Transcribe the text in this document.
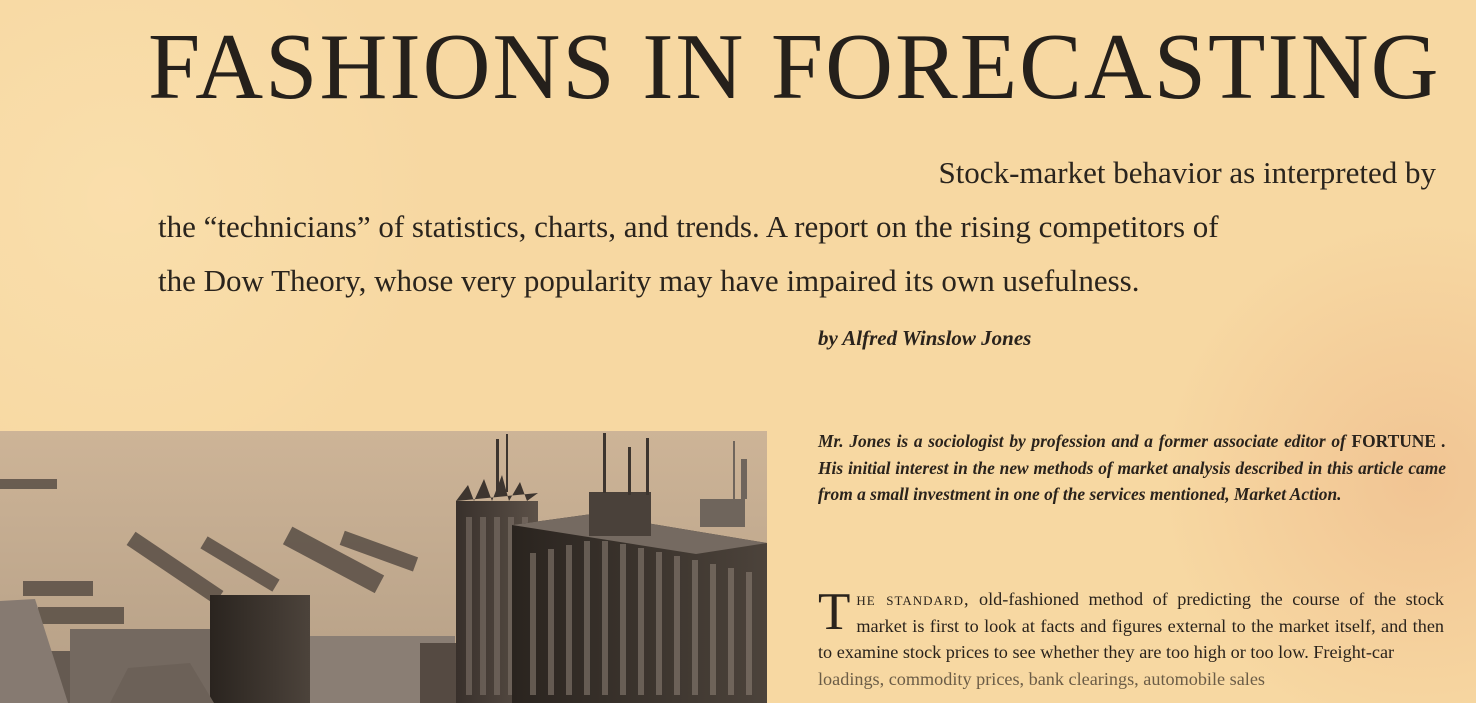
FASHIONS IN FORECASTING

Stock-market behavior as interpreted by
the “technicians” of statistics, charts, and trends. A report on the rising competitors of
the Dow Theory, whose very popularity may have impaired its own usefulness.

by Alfred Winslow Jones

Mr. Jones is a sociologist by profession and a former associate editor of FORTUNE . His initial interest in the new methods of market analysis described in this article came from a small investment in one of the services mentioned, Market Action.

The standard, old-fashioned method of predicting the course of the stock market is first to look at facts and figures external to the market itself, and then to examine stock prices to see whether they are too high or too low. Freight-car
loadings, commodity prices, bank clearings, automobile sales
